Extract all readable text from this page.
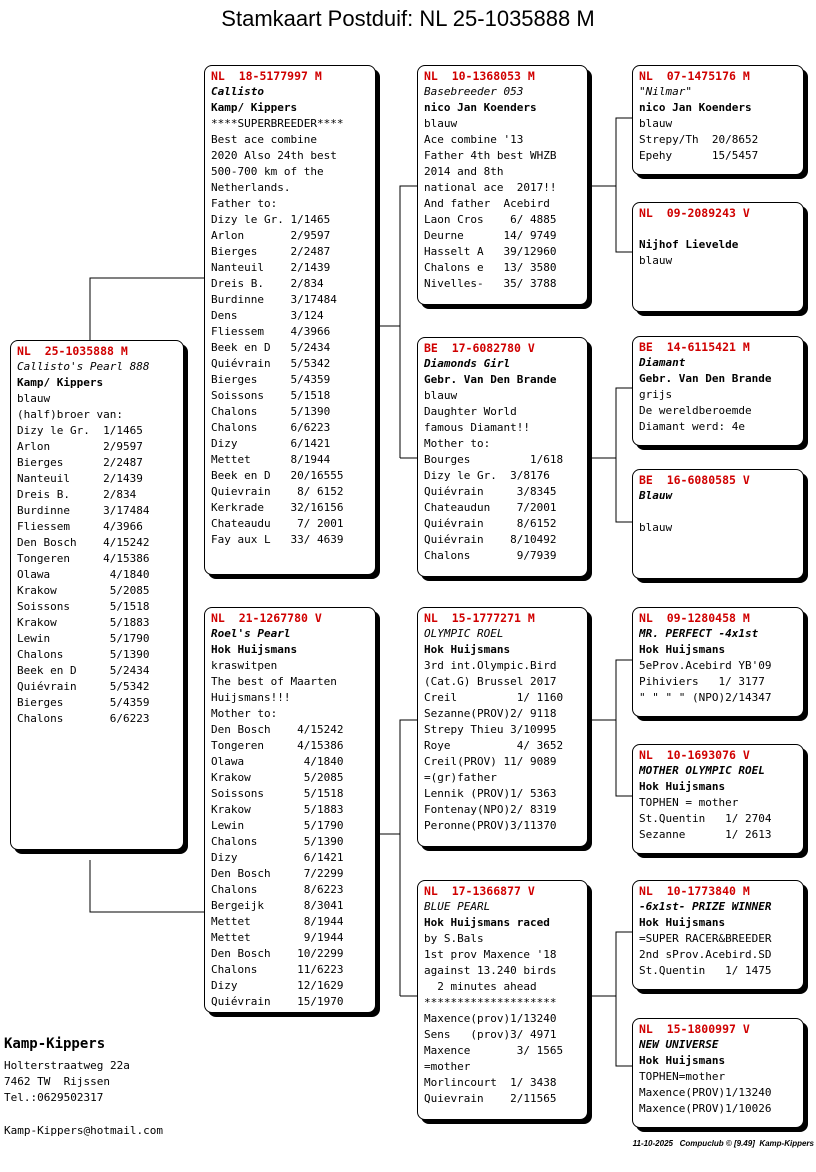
Stamkaart Postduif: NL 25-1035888 M
NL  25-1035888 M
Callisto's Pearl 888
Kamp/ Kippers
blauw
(half)broer van:
Dizy le Gr.  1/1465
Arlon        2/9597
Bierges      2/2487
Nanteuil     2/1439
Dreis B.     2/834
Burdinne     3/17484
Fliessem     4/3966
Den Bosch    4/15242
Tongeren     4/15386
Olawa         4/1840
Krakow        5/2085
Soissons      5/1518
Krakow        5/1883
Lewin         5/1790
Chalons       5/1390
Beek en D     5/2434
Quiévrain     5/5342
Bierges       5/4359
Chalons       6/6223
NL  18-5177997 M
Callisto
Kamp/ Kippers
****SUPERBREEDER****
Best ace combine
2020 Also 24th best
500-700 km of the
Netherlands.
Father to:
Dizy le Gr. 1/1465
Arlon       2/9597
Bierges     2/2487
Nanteuil    2/1439
Dreis B.    2/834
Burdinne    3/17484
Dens        3/124
Fliessem    4/3966
Beek en D   5/2434
Quiévrain   5/5342
Bierges     5/4359
Soissons    5/1518
Chalons     5/1390
Chalons     6/6223
Dizy        6/1421
Mettet      8/1944
Beek en D   20/16555
Quievrain    8/ 6152
Kerkrade    32/16156
Chateaudu    7/ 2001
Fay aux L   33/ 4639
NL  21-1267780 V
Roel's Pearl
Hok Huijsmans
kraswitpen
The best of Maarten
Huijsmans!!!
Mother to:
Den Bosch    4/15242
Tongeren     4/15386
Olawa         4/1840
Krakow        5/2085
Soissons      5/1518
Krakow        5/1883
Lewin         5/1790
Chalons       5/1390
Dizy          6/1421
Den Bosch     7/2299
Chalons       8/6223
Bergeijk      8/3041
Mettet        8/1944
Mettet        9/1944
Den Bosch    10/2299
Chalons      11/6223
Dizy         12/1629
Quiévrain    15/1970
NL  10-1368053 M
Basebreeder 053
nico Jan Koenders
blauw
Ace combine '13
Father 4th best WHZB
2014 and 8th
national ace  2017!!
And father  Acebird
Laon Cros    6/ 4885
Deurne      14/ 9749
Hasselt A   39/12960
Chalons e   13/ 3580
Nivelles-   35/ 3788
BE  17-6082780 V
Diamonds Girl
Gebr. Van Den Brande
blauw
Daughter World
famous Diamant!!
Mother to:
Bourges         1/618
Dizy le Gr.  3/8176
Quiévrain     3/8345
Chateaudun    7/2001
Quiévrain     8/6152
Quiévrain    8/10492
Chalons       9/7939
NL  15-1777271 M
OLYMPIC ROEL
Hok Huijsmans
3rd int.Olympic.Bird
(Cat.G) Brussel 2017
Creil         1/ 1160
Sezanne(PROV)2/ 9118
Strepy Thieu 3/10995
Roye          4/ 3652
Creil(PROV) 11/ 9089
=(gr)father
Lennik (PROV)1/ 5363
Fontenay(NPO)2/ 8319
Peronne(PROV)3/11370
NL  17-1366877 V
BLUE PEARL
Hok Huijsmans raced
by S.Bals
1st prov Maxence '18
against 13.240 birds
2 minutes ahead
********************
Maxence(prov)1/13240
Sens   (prov)3/ 4971
Maxence       3/ 1565
=mother
Morlincourt  1/ 3438
Quievrain    2/11565
NL  07-1475176 M
"Nilmar"
nico Jan Koenders
blauw
Strepy/Th  20/8652
Epehy      15/5457
NL  09-2089243 V
Nijhof Lievelde
blauw
BE  14-6115421 M
Diamant
Gebr. Van Den Brande
grijs
De wereldberoemde
Diamant werd: 4e
BE  16-6080585 V
Blauw
blauw
NL  09-1280458 M
MR. PERFECT -4x1st
Hok Huijsmans
5eProv.Acebird YB'09
Pihiviers   1/ 3177
" " " " (NPO)2/14347
NL  10-1693076 V
MOTHER OLYMPIC ROEL
Hok Huijsmans
TOPHEN = mother
St.Quentin   1/ 2704
Sezanne      1/ 2613
NL  10-1773840 M
-6x1st- PRIZE WINNER
Hok Huijsmans
=SUPER RACER&BREEDER
2nd sProv.Acebird.SD
St.Quentin   1/ 1475
NL  15-1800997 V
NEW UNIVERSE
Hok Huijsmans
TOPHEN=mother
Maxence(PROV)1/13240
Maxence(PROV)1/10026
Kamp-Kippers
Holterstraatweg 22a
7462 TW  Rijssen
Tel.:0629502317
Kamp-Kippers@hotmail.com
11-10-2025   Compuclub © [9.49]  Kamp-Kippers
